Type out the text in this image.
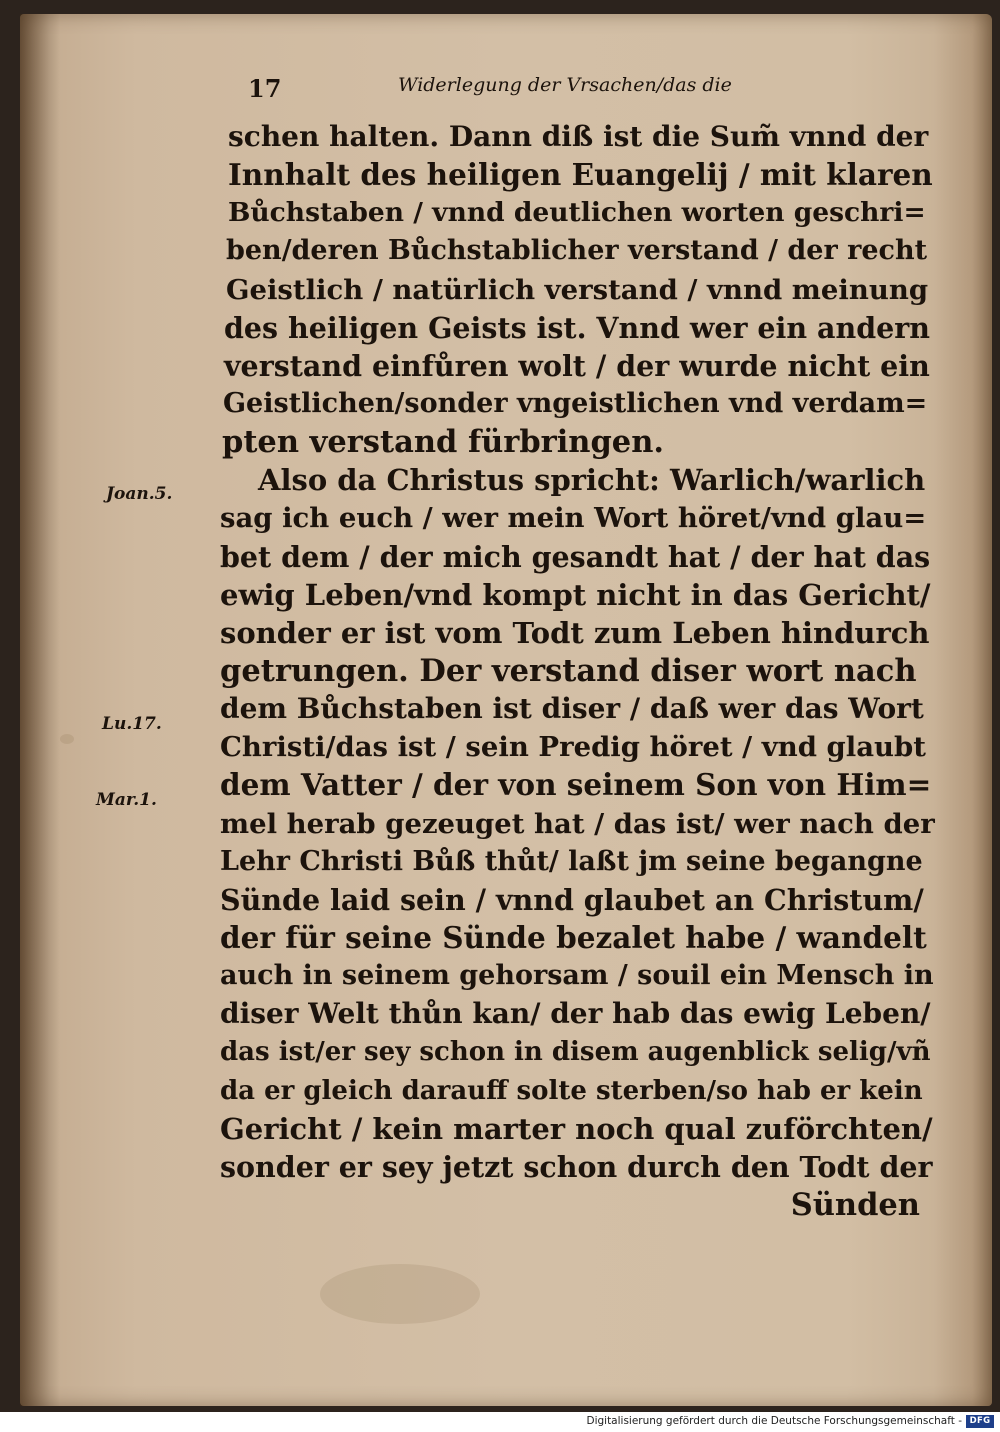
17	Widerlegung der Vrsachen/das die
schen halten. Dann diß ist die Sum̃ vnnd der
Innhalt des heiligen Euangelij / mit klaren
Bůchstaben / vnnd deutlichen worten geschri=
ben/deren Bůchstablicher verstand / der recht
Geistlich / natürlich verstand / vnnd meinung
des heiligen Geists ist. Vnnd wer ein andern
verstand einfůren wolt / der wurde nicht ein
Geistlichen/sonder vngeistlichen vnd verdam=
pten verstand fürbringen.
Also da Christus spricht: Warlich/warlich
sag ich euch / wer mein Wort höret/vnd glau=
bet dem / der mich gesandt hat / der hat das
ewig Leben/vnd kompt nicht in das Gericht/
sonder er ist vom Todt zum Leben hindurch
getrungen. Der verstand diser wort nach
dem Bůchstaben ist diser / daß wer das Wort
Christi/das ist / sein Predig höret / vnd glaubt
dem Vatter / der von seinem Son von Him=
mel herab gezeuget hat / das ist/ wer nach der
Lehr Christi Bůß thůt/ laßt jm seine begangne
Sünde laid sein / vnnd glaubet an Christum/
der für seine Sünde bezalet habe / wandelt
auch in seinem gehorsam / souil ein Mensch in
diser Welt thůn kan/ der hab das ewig Leben/
das ist/er sey schon in disem augenblick selig/vñ
da er gleich darauff solte sterben/so hab er kein
Gericht / kein marter noch qual zuförchten/
sonder er sey jetzt schon durch den Todt der
Sünden
Joan.5.
Lu.17.
Mar.1.
Digitalisierung gefördert durch die Deutsche Forschungsgemeinschaft - DFG
